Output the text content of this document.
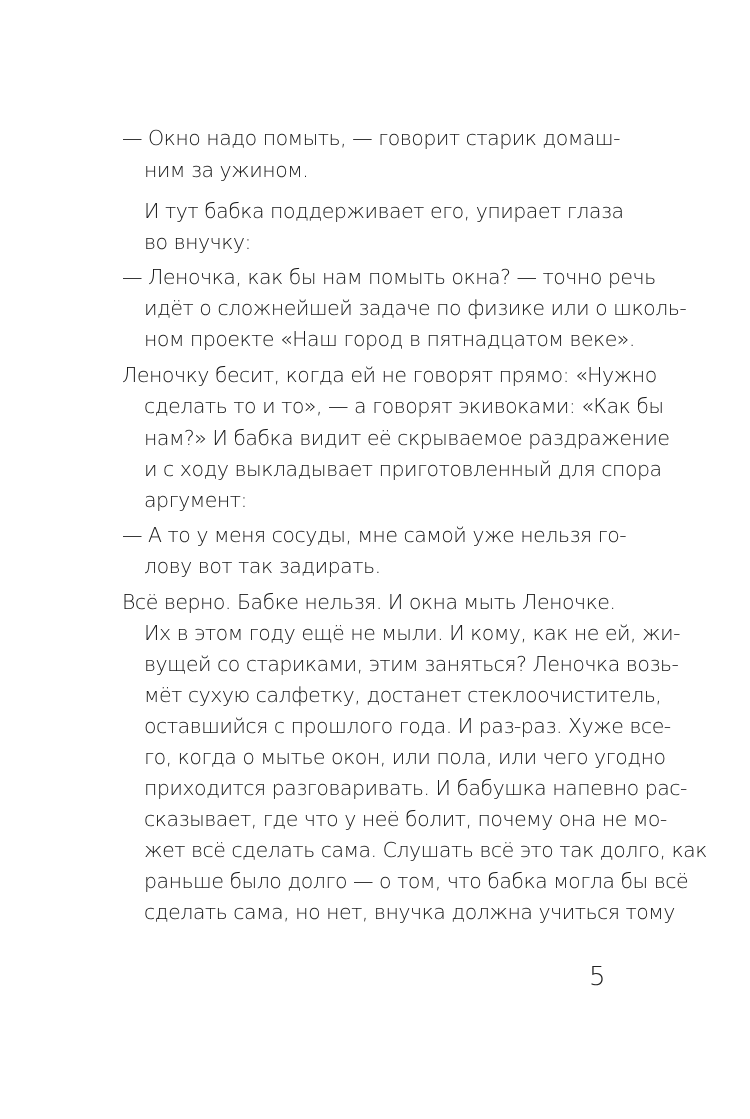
— Окно надо помыть, — говорит старик домаш-
ним за ужином.
И тут бабка поддерживает его, упирает глаза
во внучку:
— Леночка, как бы нам помыть окна? — точно речь
идёт о сложнейшей задаче по физике или о школь-
ном проекте «Наш город в пятнадцатом веке».
Леночку бесит, когда ей не говорят прямо: «Нужно
сделать то и то», — а говорят экивоками: «Как бы
нам?» И бабка видит её скрываемое раздражение
и с ходу выкладывает приготовленный для спора
аргумент:
— А то у меня сосуды, мне самой уже нельзя го-
лову вот так задирать.
Всё верно. Бабке нельзя. И окна мыть Леночке.
Их в этом году ещё не мыли. И кому, как не ей, жи-
вущей со стариками, этим заняться? Леночка возь-
мёт сухую салфетку, достанет стеклоочиститель,
оставшийся с прошлого года. И раз-раз. Хуже все-
го, когда о мытье окон, или пола, или чего угодно
приходится разговаривать. И бабушка напевно рас-
сказывает, где что у неё болит, почему она не мо-
жет всё сделать сама. Слушать всё это так долго, как
раньше было долго — о том, что бабка могла бы всё
сделать сама, но нет, внучка должна учиться тому
5
